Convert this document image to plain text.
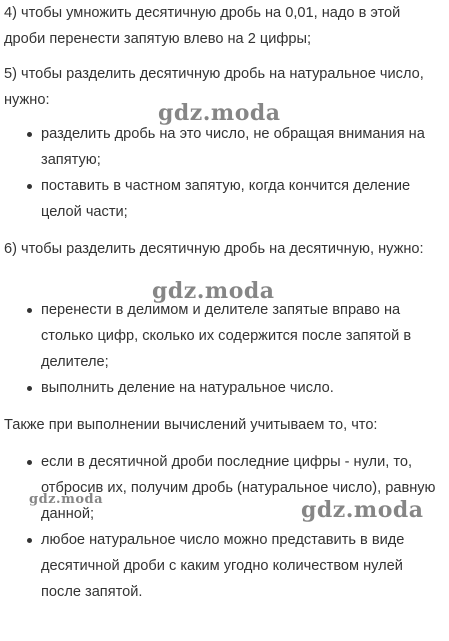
4) чтобы умножить десятичную дробь на 0,01, надо в этой дроби перенести запятую влево на 2 цифры;

5) чтобы разделить десятичную дробь на натуральное число, нужно:

разделить дробь на это число, не обращая внимания на запятую;
поставить в частном запятую, когда кончится деление целой части;

6) чтобы разделить десятичную дробь на десятичную, нужно:

перенести в делимом и делителе запятые вправо на столько цифр, сколько их содержится после запятой в делителе;
выполнить деление на натуральное число.

Также при выполнении вычислений учитываем то, что:

если в десятичной дроби последние цифры - нули, то, отбросив их, получим дробь (натуральное число), равную данной;
любое натуральное число можно представить в виде десятичной дроби с каким угодно количеством нулей после запятой.
gdz.moda
gdz.moda
gdz.moda	gdz.moda
